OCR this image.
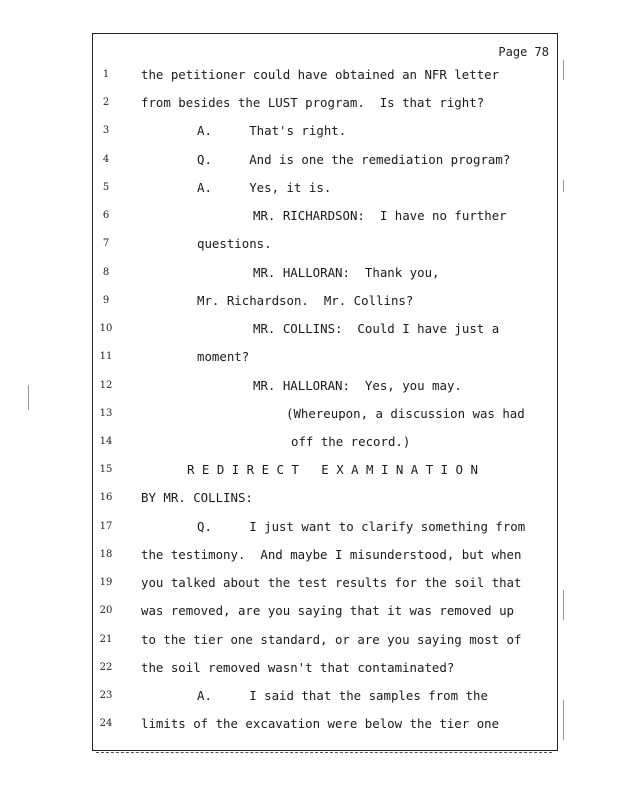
Page 78
1	the petitioner could have obtained an NFR letter
2	from besides the LUST program.  Is that right?
3	A.     That's right.
4	Q.     And is one the remediation program?
5	A.     Yes, it is.
6	MR. RICHARDSON:  I have no further
7	questions.
8	MR. HALLORAN:  Thank you,
9	Mr. Richardson.  Mr. Collins?
10	MR. COLLINS:  Could I have just a
11	moment?
12	MR. HALLORAN:  Yes, you may.
13	(Whereupon, a discussion was had
14	off the record.)
15	R E D I R E C T   E X A M I N A T I O N
16	BY MR. COLLINS:
17	Q.     I just want to clarify something from
18	the testimony.  And maybe I misunderstood, but when
19	you talked about the test results for the soil that
20	was removed, are you saying that it was removed up
21	to the tier one standard, or are you saying most of
22	the soil removed wasn't that contaminated?
23	A.     I said that the samples from the
24	limits of the excavation were below the tier one
